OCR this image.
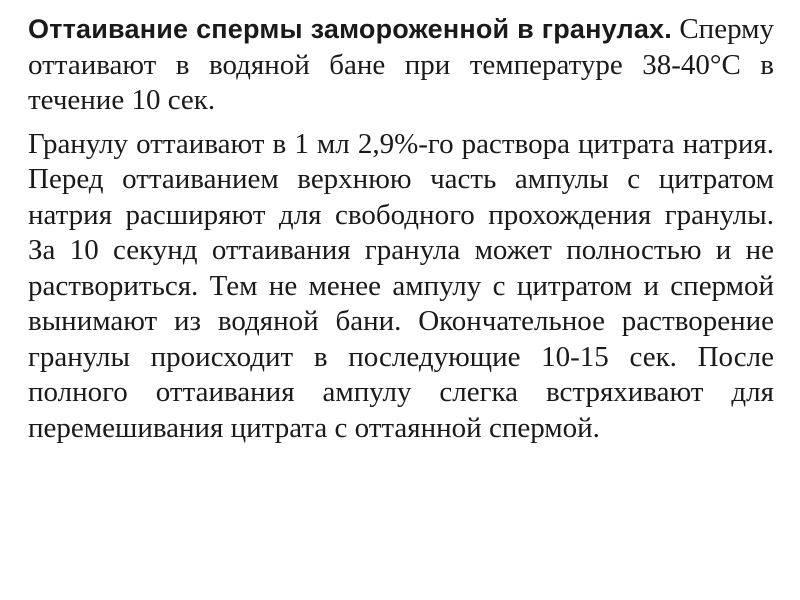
Оттаивание спермы замороженной в гранулах. Сперму оттаивают в водяной бане при температуре 38-40°С в течение 10 сек.

Гранулу оттаивают в 1 мл 2,9%-го раствора цитрата натрия. Перед оттаиванием верхнюю часть ампулы с цитратом натрия расширяют для свободного прохождения гранулы. За 10 секунд оттаивания гранула может полностью и не раствориться. Тем не менее ампулу с цитратом и спермой вынимают из водяной бани. Окончательное растворение гранулы происходит в последующие 10-15 сек. После полного оттаивания ампулу слегка встряхивают для перемешивания цитрата с оттаянной спермой.
